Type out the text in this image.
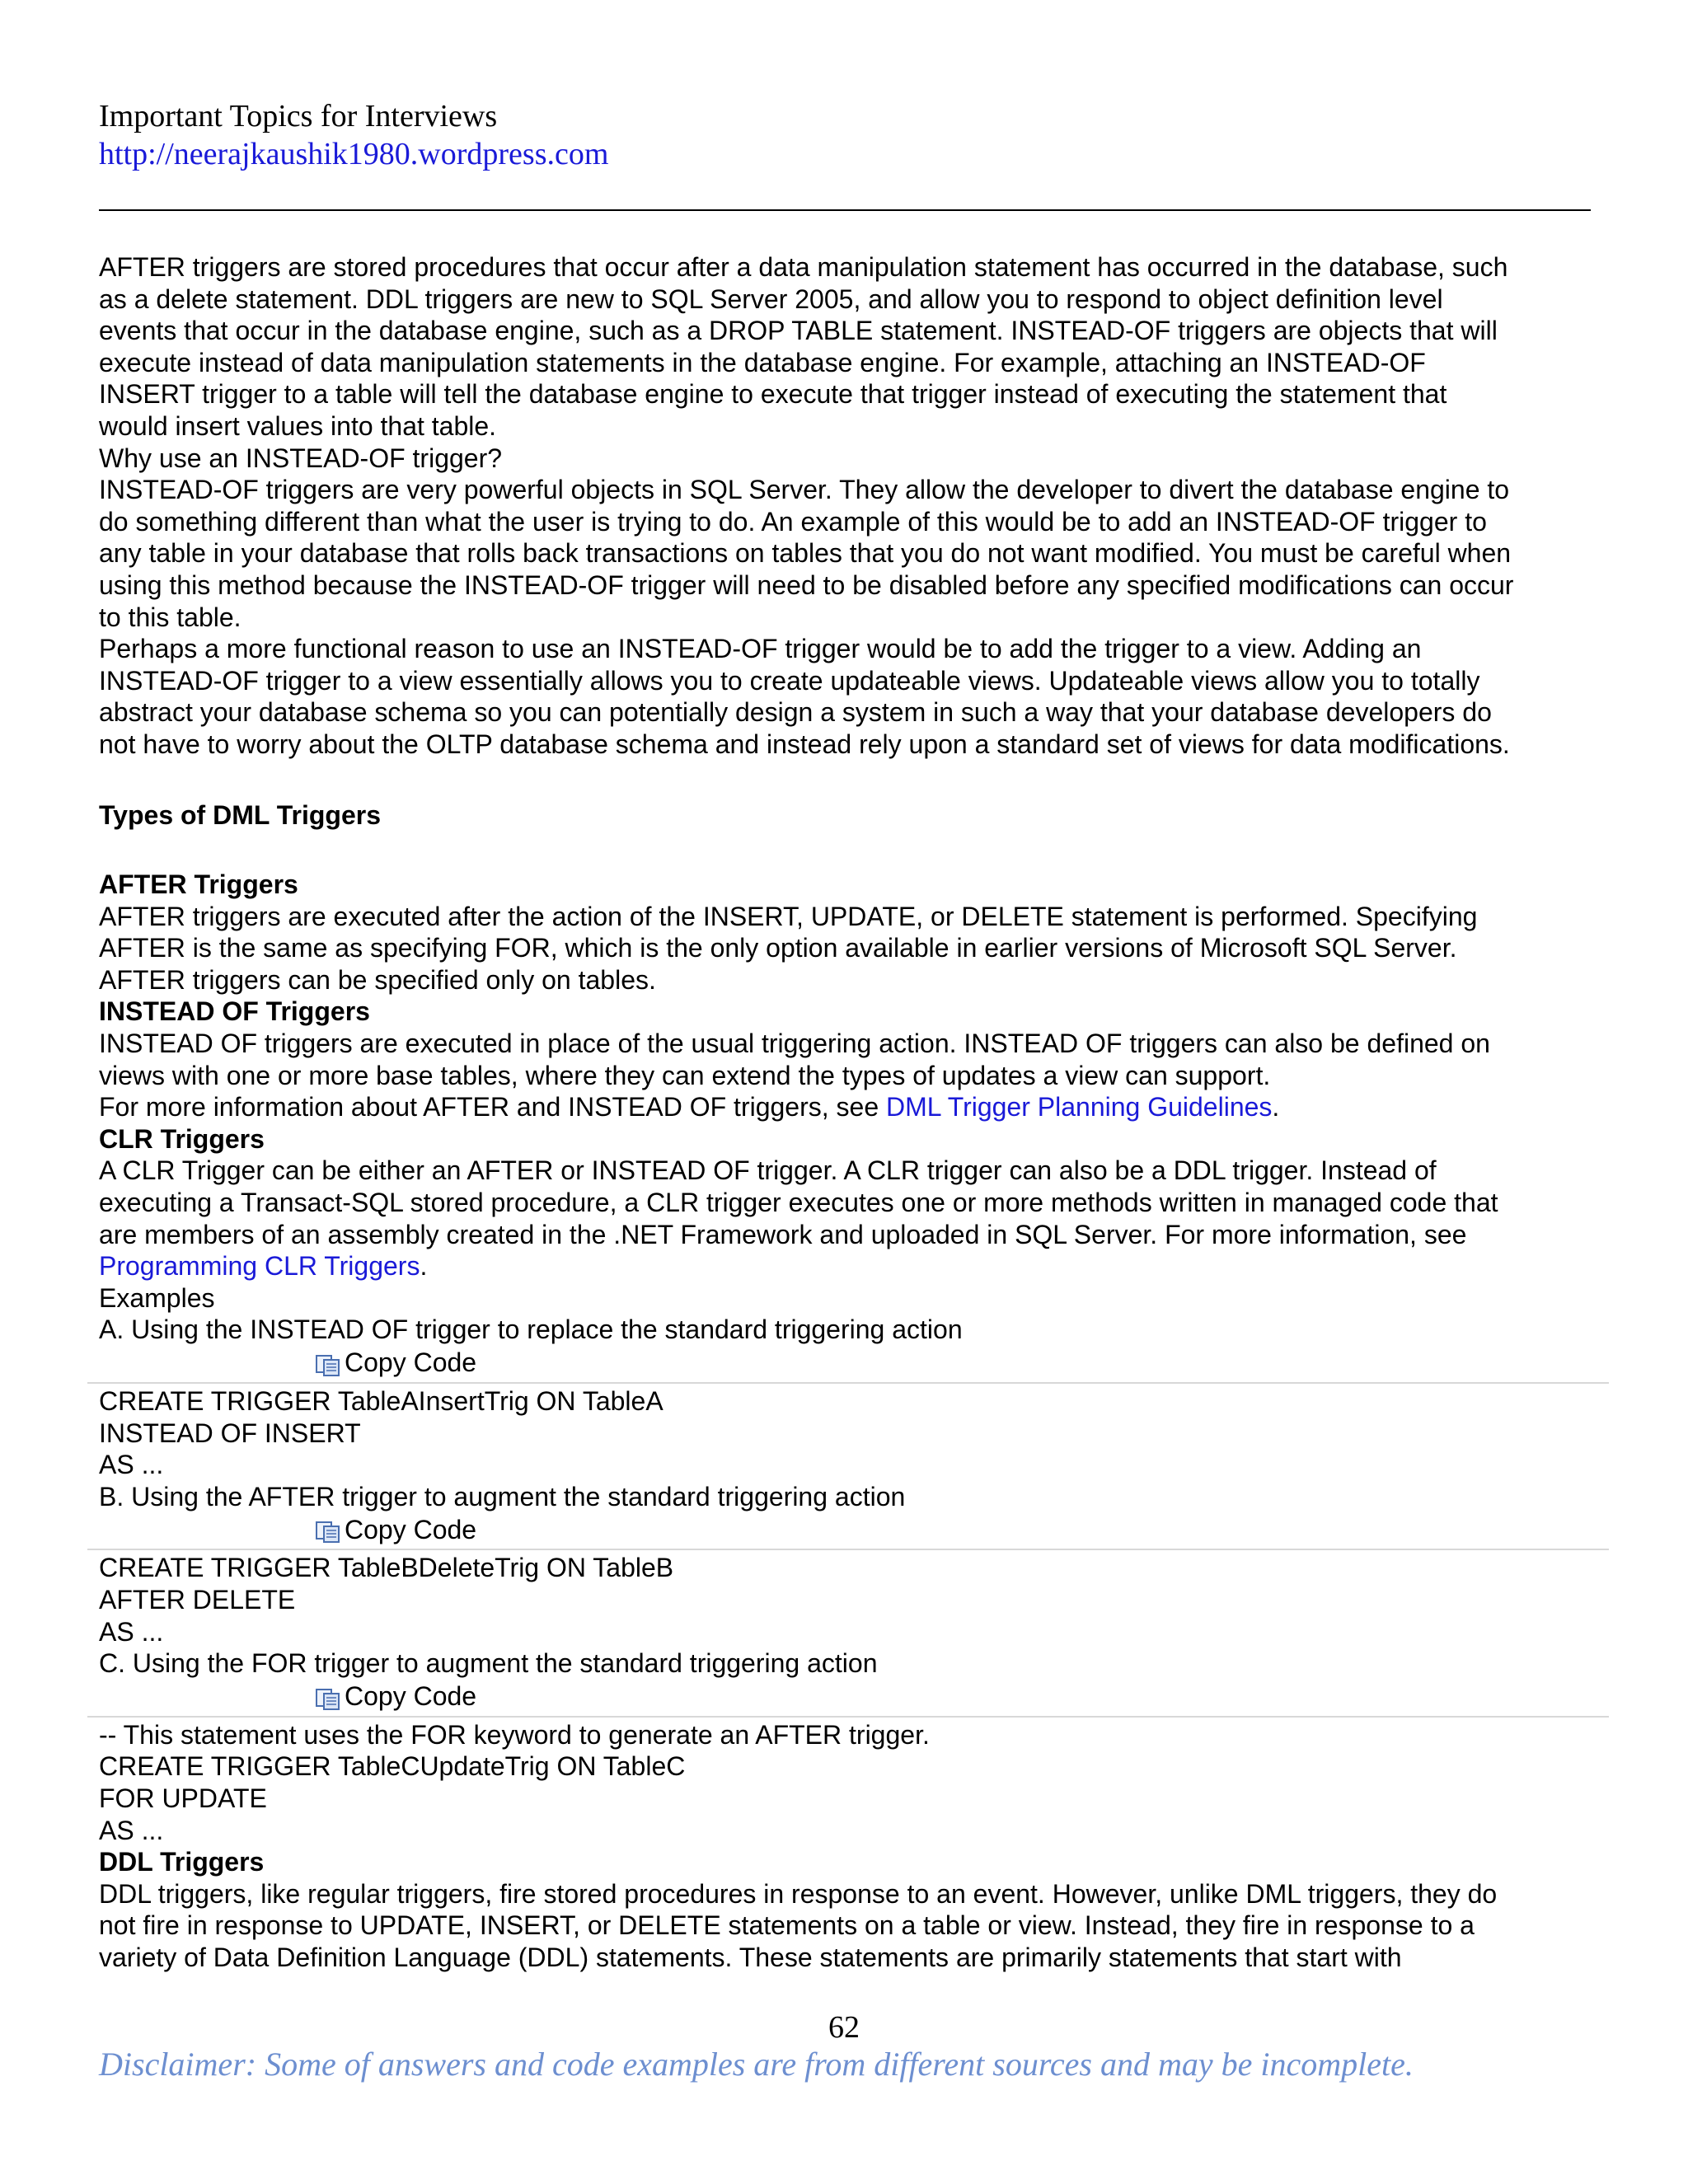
Important Topics for Interviews
http://neerajkaushik1980.wordpress.com

AFTER triggers are stored procedures that occur after a data manipulation statement has occurred in the database, such
as a delete statement. DDL triggers are new to SQL Server 2005, and allow you to respond to object definition level
events that occur in the database engine, such as a DROP TABLE statement. INSTEAD-OF triggers are objects that will
execute instead of data manipulation statements in the database engine. For example, attaching an INSTEAD-OF
INSERT trigger to a table will tell the database engine to execute that trigger instead of executing the statement that
would insert values into that table.

Why use an INSTEAD-OF trigger?

INSTEAD-OF triggers are very powerful objects in SQL Server. They allow the developer to divert the database engine to
do something different than what the user is trying to do. An example of this would be to add an INSTEAD-OF trigger to
any table in your database that rolls back transactions on tables that you do not want modified. You must be careful when
using this method because the INSTEAD-OF trigger will need to be disabled before any specified modifications can occur
to this table.

Perhaps a more functional reason to use an INSTEAD-OF trigger would be to add the trigger to a view. Adding an
INSTEAD-OF trigger to a view essentially allows you to create updateable views. Updateable views allow you to totally
abstract your database schema so you can potentially design a system in such a way that your database developers do
not have to worry about the OLTP database schema and instead rely upon a standard set of views for data modifications.

Types of DML Triggers

AFTER Triggers

AFTER triggers are executed after the action of the INSERT, UPDATE, or DELETE statement is performed. Specifying
AFTER is the same as specifying FOR, which is the only option available in earlier versions of Microsoft SQL Server.
AFTER triggers can be specified only on tables.

INSTEAD OF Triggers

INSTEAD OF triggers are executed in place of the usual triggering action. INSTEAD OF triggers can also be defined on
views with one or more base tables, where they can extend the types of updates a view can support.

For more information about AFTER and INSTEAD OF triggers, see DML Trigger Planning Guidelines.

CLR Triggers

A CLR Trigger can be either an AFTER or INSTEAD OF trigger. A CLR trigger can also be a DDL trigger. Instead of
executing a Transact-SQL stored procedure, a CLR trigger executes one or more methods written in managed code that
are members of an assembly created in the .NET Framework and uploaded in SQL Server. For more information, see
Programming CLR Triggers.

Examples

A. Using the INSTEAD OF trigger to replace the standard triggering action

Copy Code

CREATE TRIGGER TableAInsertTrig ON TableA
INSTEAD OF INSERT
AS ...

B. Using the AFTER trigger to augment the standard triggering action

Copy Code

CREATE TRIGGER TableBDeleteTrig ON TableB
AFTER DELETE
AS ...

C. Using the FOR trigger to augment the standard triggering action

Copy Code

-- This statement uses the FOR keyword to generate an AFTER trigger.
CREATE TRIGGER TableCUpdateTrig ON TableC
FOR UPDATE
AS ...

DDL Triggers

DDL triggers, like regular triggers, fire stored procedures in response to an event. However, unlike DML triggers, they do
not fire in response to UPDATE, INSERT, or DELETE statements on a table or view. Instead, they fire in response to a
variety of Data Definition Language (DDL) statements. These statements are primarily statements that start with

62
Disclaimer: Some of answers and code examples are from different sources and may be incomplete.
